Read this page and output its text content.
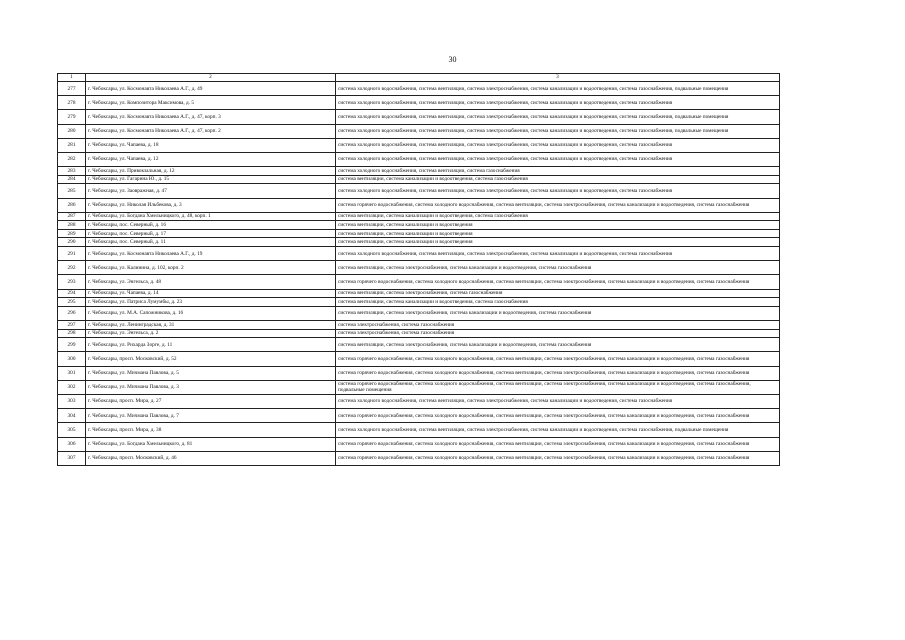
30
1	2	3
277	г. Чебоксары, ул. Космонавта Николаева А.Г., д. 49	система холодного водоснабжения, система вентиляции, система электроснабжения, система канализации и водоотведения, система газоснабжения, подвальные помещения
278	г. Чебоксары, ул. Композитора Максимова, д. 5	система холодного водоснабжения, система вентиляции, система электроснабжения, система канализации и водоотведения, система газоснабжения
279	г. Чебоксары, ул. Космонавта Николаева А.Г., д. 47, корп. 3	система холодного водоснабжения, система вентиляции, система электроснабжения, система канализации и водоотведения, система газоснабжения, подвальные помещения
280	г. Чебоксары, ул. Космонавта Николаева А.Г., д. 47, корп. 2	система холодного водоснабжения, система вентиляции, система электроснабжения, система канализации и водоотведения, система газоснабжения, подвальные помещения
281	г. Чебоксары, ул. Чапаева, д. 18	система холодного водоснабжения, система вентиляции, система электроснабжения, система канализации и водоотведения, система газоснабжения
282	г. Чебоксары, ул. Чапаева, д. 12	система холодного водоснабжения, система вентиляции, система электроснабжения, система канализации и водоотведения, система газоснабжения
283	г. Чебоксары, ул. Привокзальная, д. 12	система холодного водоснабжения, система вентиляции, система газоснабжения
284	г. Чебоксары, ул. Гагарина Ю., д. 15	система вентиляции, система канализации и водоотведения, система газоснабжения
285	г. Чебоксары, ул. Заовражная, д. 47	система холодного водоснабжения, система вентиляции, система электроснабжения, система канализации и водоотведения, система газоснабжения
286	г. Чебоксары, ул. Николая Ильбекова, д. 3	система горячего водоснабжения, система холодного водоснабжения, система вентиляции, система электроснабжения, система канализации и водоотведения, система газоснабжения
287	г. Чебоксары, ул. Богдана Хмельницкого, д. 48, корп. 1	система вентиляции, система канализации и водоотведения, система газоснабжения
288	г. Чебоксары, пос. Северный, д. 16	система вентиляции, система канализации и водоотведения
289	г. Чебоксары, пос. Северный, д. 17	система вентиляции, система канализации и водоотведения
290	г. Чебоксары, пос. Северный, д. 11	система вентиляции, система канализации и водоотведения
291	г. Чебоксары, ул. Космонавта Николаева А.Г., д. 19	система холодного водоснабжения, система вентиляции, система электроснабжения, система канализации и водоотведения, система газоснабжения
292	г. Чебоксары, ул. Калинина, д. 102, корп. 2	система вентиляции, система электроснабжения, система канализации и водоотведения, система газоснабжения
293	г. Чебоксары, ул. Энгельса, д. 48	система горячего водоснабжения, система холодного водоснабжения, система вентиляции, система электроснабжения, система канализации и водоотведения, система газоснабжения
294	г. Чебоксары, ул. Чапаева, д. 14	система вентиляции, система электроснабжения, система газоснабжения
295	г. Чебоксары, ул. Патриса Лумумбы, д. 23	система вентиляции, система канализации и водоотведения, система газоснабжения
296	г. Чебоксары, ул. М.А. Сапожникова, д. 16	система вентиляции, система электроснабжения, система канализации и водоотведения, система газоснабжения
297	г. Чебоксары, ул. Ленинградская, д. 31	система электроснабжения, система газоснабжения
298	г. Чебоксары, ул. Энгельса, д. 2	система электроснабжения, система газоснабжения
299	г. Чебоксары, ул. Рихарда Зорге, д. 11	система вентиляции, система электроснабжения, система канализации и водоотведения, система газоснабжения
300	г. Чебоксары, просп. Московский, д. 52	система горячего водоснабжения, система холодного водоснабжения, система вентиляции, система электроснабжения, система канализации и водоотведения, система газоснабжения
301	г. Чебоксары, ул. Мичмана Павлова, д. 5	система горячего водоснабжения, система холодного водоснабжения, система вентиляции, система электроснабжения, система канализации и водоотведения, система газоснабжения
302	г. Чебоксары, ул. Мичмана Павлова, д. 3	система горячего водоснабжения, система холодного водоснабжения, система вентиляции, система электроснабжения, система канализации и водоотведения, система газоснабжения, подвальные помещения
303	г. Чебоксары, просп. Мира, д. 27	система холодного водоснабжения, система вентиляции, система электроснабжения, система канализации и водоотведения, система газоснабжения
304	г. Чебоксары, ул. Мичмана Павлова, д. 7	система горячего водоснабжения, система холодного водоснабжения, система вентиляции, система электроснабжения, система канализации и водоотведения, система газоснабжения
305	г. Чебоксары, просп. Мира, д. 38	система холодного водоснабжения, система вентиляции, система электроснабжения, система канализации и водоотведения, система газоснабжения, подвальные помещения
306	г. Чебоксары, ул. Богдана Хмельницкого, д. 81	система горячего водоснабжения, система холодного водоснабжения, система вентиляции, система электроснабжения, система канализации и водоотведения, система газоснабжения
307	г. Чебоксары, просп. Московский, д. 46	система горячего водоснабжения, система холодного водоснабжения, система вентиляции, система электроснабжения, система канализации и водоотведения, система газоснабжения
